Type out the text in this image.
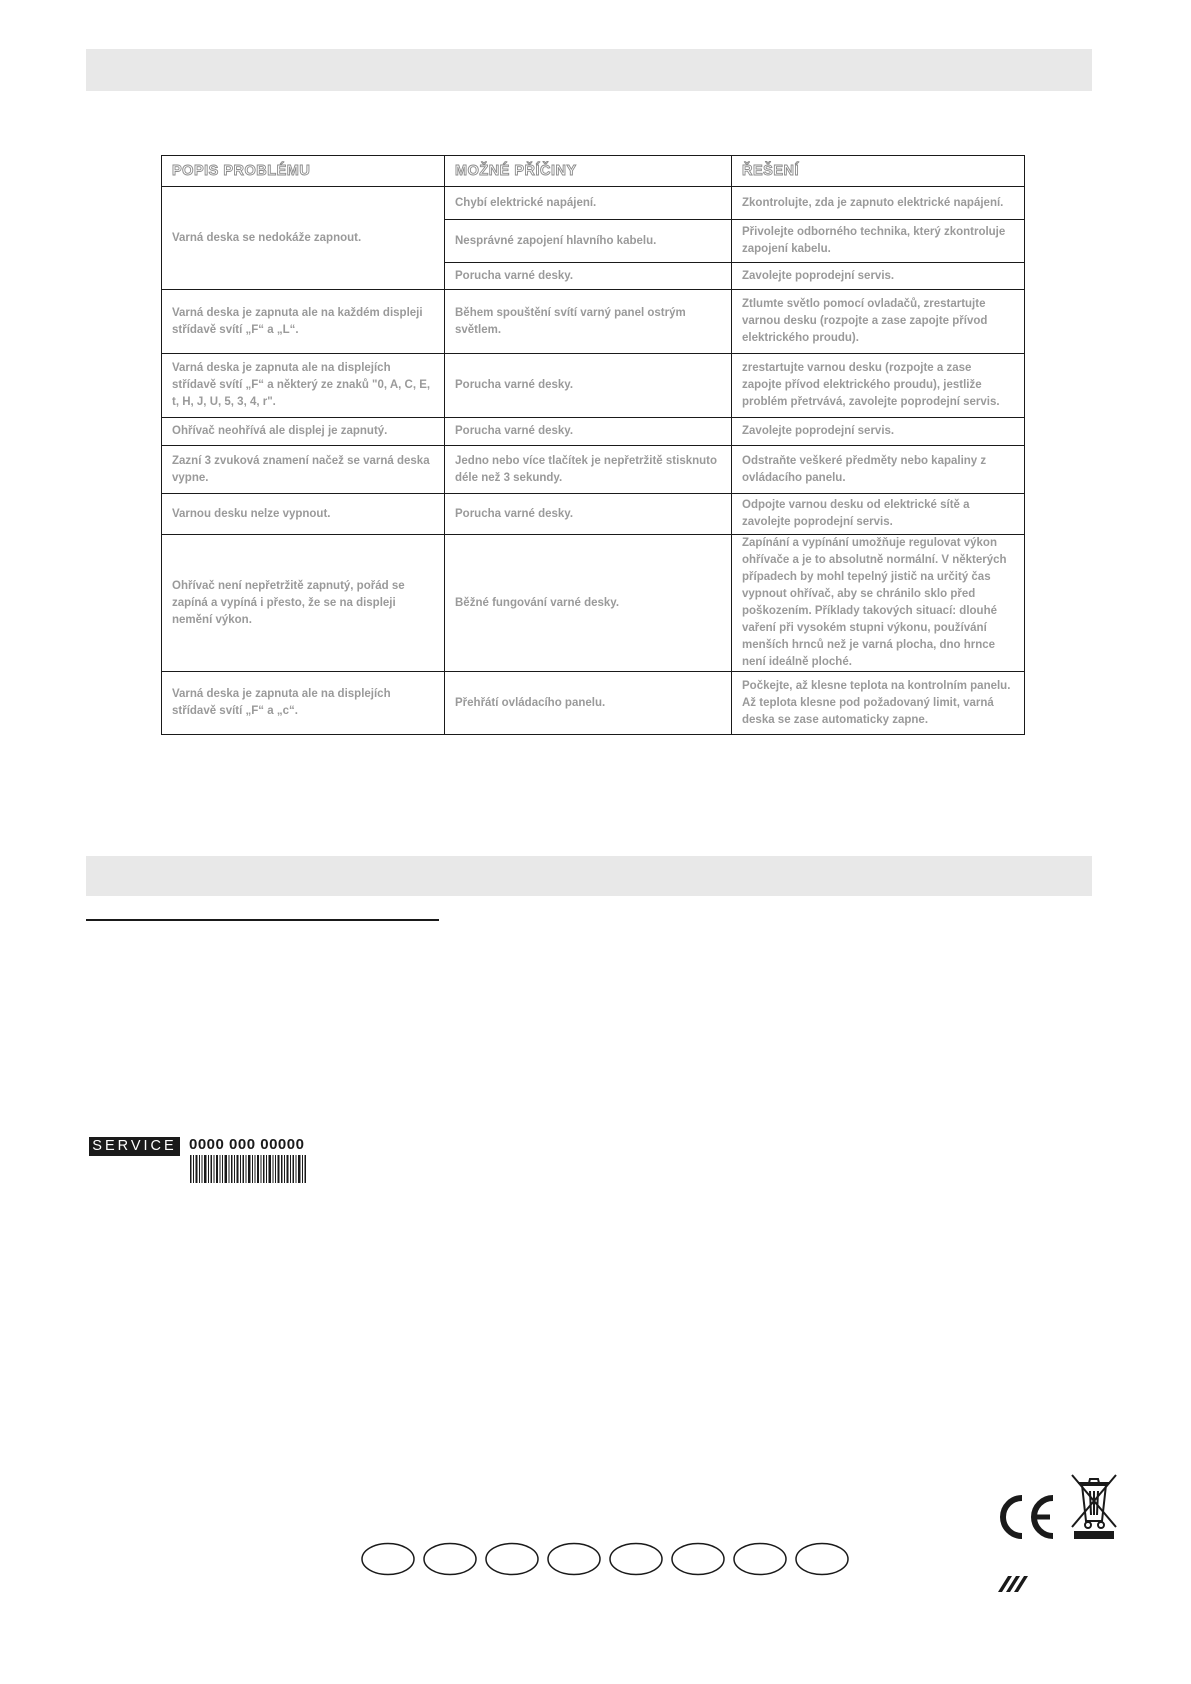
POPIS PROBLÉMU	MOŽNÉ PŘÍČINY	ŘEŠENÍ
Varná deska se nedokáže zapnout.	Chybí elektrické napájení.	Zkontrolujte, zda je zapnuto elektrické napájení.
	Nesprávné zapojení hlavního kabelu.	Přivolejte odborného technika, který zkontroluje zapojení kabelu.
	Porucha varné desky.	Zavolejte poprodejní servis.
Varná deska je zapnuta ale na každém displeji střídavě svítí „F“ a „L“.	Během spouštění svítí varný panel ostrým světlem.	Ztlumte světlo pomocí ovladačů, zrestartujte varnou desku (rozpojte a zase zapojte přívod elektrického proudu).
Varná deska je zapnuta ale na displejích střídavě svítí „F“ a některý ze znaků "0, A, C, E, t, H, J, U, 5, 3, 4, r".	Porucha varné desky.	zrestartujte varnou desku (rozpojte a zase zapojte přívod elektrického proudu), jestliže problém přetrvává, zavolejte poprodejní servis.
Ohřívač neohřívá ale displej je zapnutý.	Porucha varné desky.	Zavolejte poprodejní servis.
Zazní 3 zvuková znamení načež se varná deska vypne.	Jedno nebo více tlačítek je nepřetržitě stisknuto déle než 3 sekundy.	Odstraňte veškeré předměty nebo kapaliny z ovládacího panelu.
Varnou desku nelze vypnout.	Porucha varné desky.	Odpojte varnou desku od elektrické sítě a zavolejte poprodejní servis.
Ohřívač není nepřetržitě zapnutý, pořád se zapíná a vypíná i přesto, že se na displeji nemění výkon.	Běžné fungování varné desky.	Zapínání a vypínání umožňuje regulovat výkon ohřívače a je to absolutně normální. V některých případech by mohl tepelný jistič na určitý čas vypnout ohřívač, aby se chránilo sklo před poškozením. Příklady takových situací: dlouhé vaření při vysokém stupni výkonu, používání menších hrnců než je varná plocha, dno hrnce není ideálně ploché.
Varná deska je zapnuta ale na displejích střídavě svítí „F“ a „c“.	Přehřátí ovládacího panelu.	Počkejte, až klesne teplota na kontrolním panelu. Až teplota klesne pod požadovaný limit, varná deska se zase automaticky zapne.
SERVICE 0000 000 00000
